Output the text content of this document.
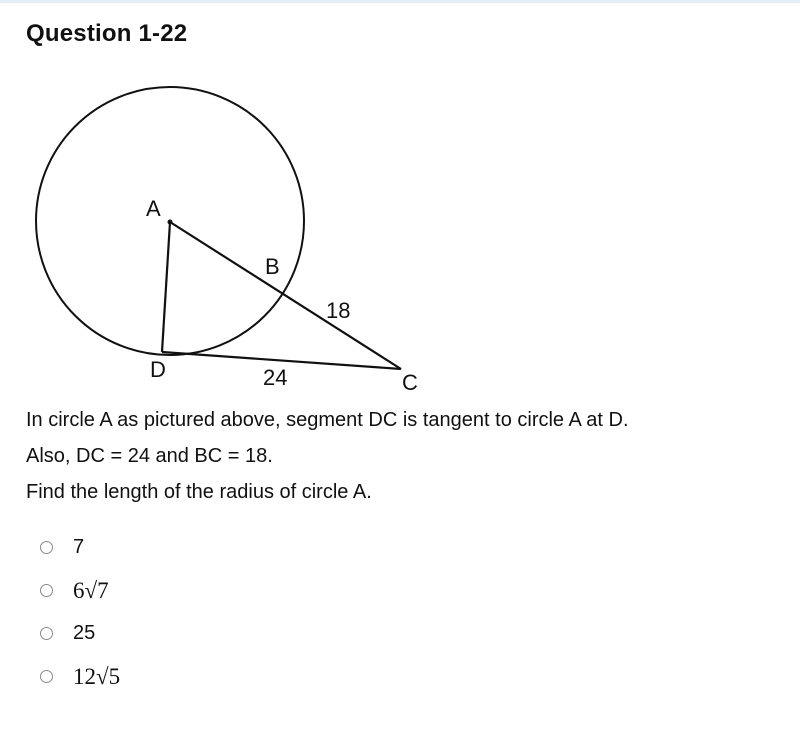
Question 1-22
A
B
C
D
18
24
In circle A as pictured above, segment DC is tangent to circle A at D.
Also, DC = 24 and BC = 18.
Find the length of the radius of circle A.
7
6√7
25
12√5
